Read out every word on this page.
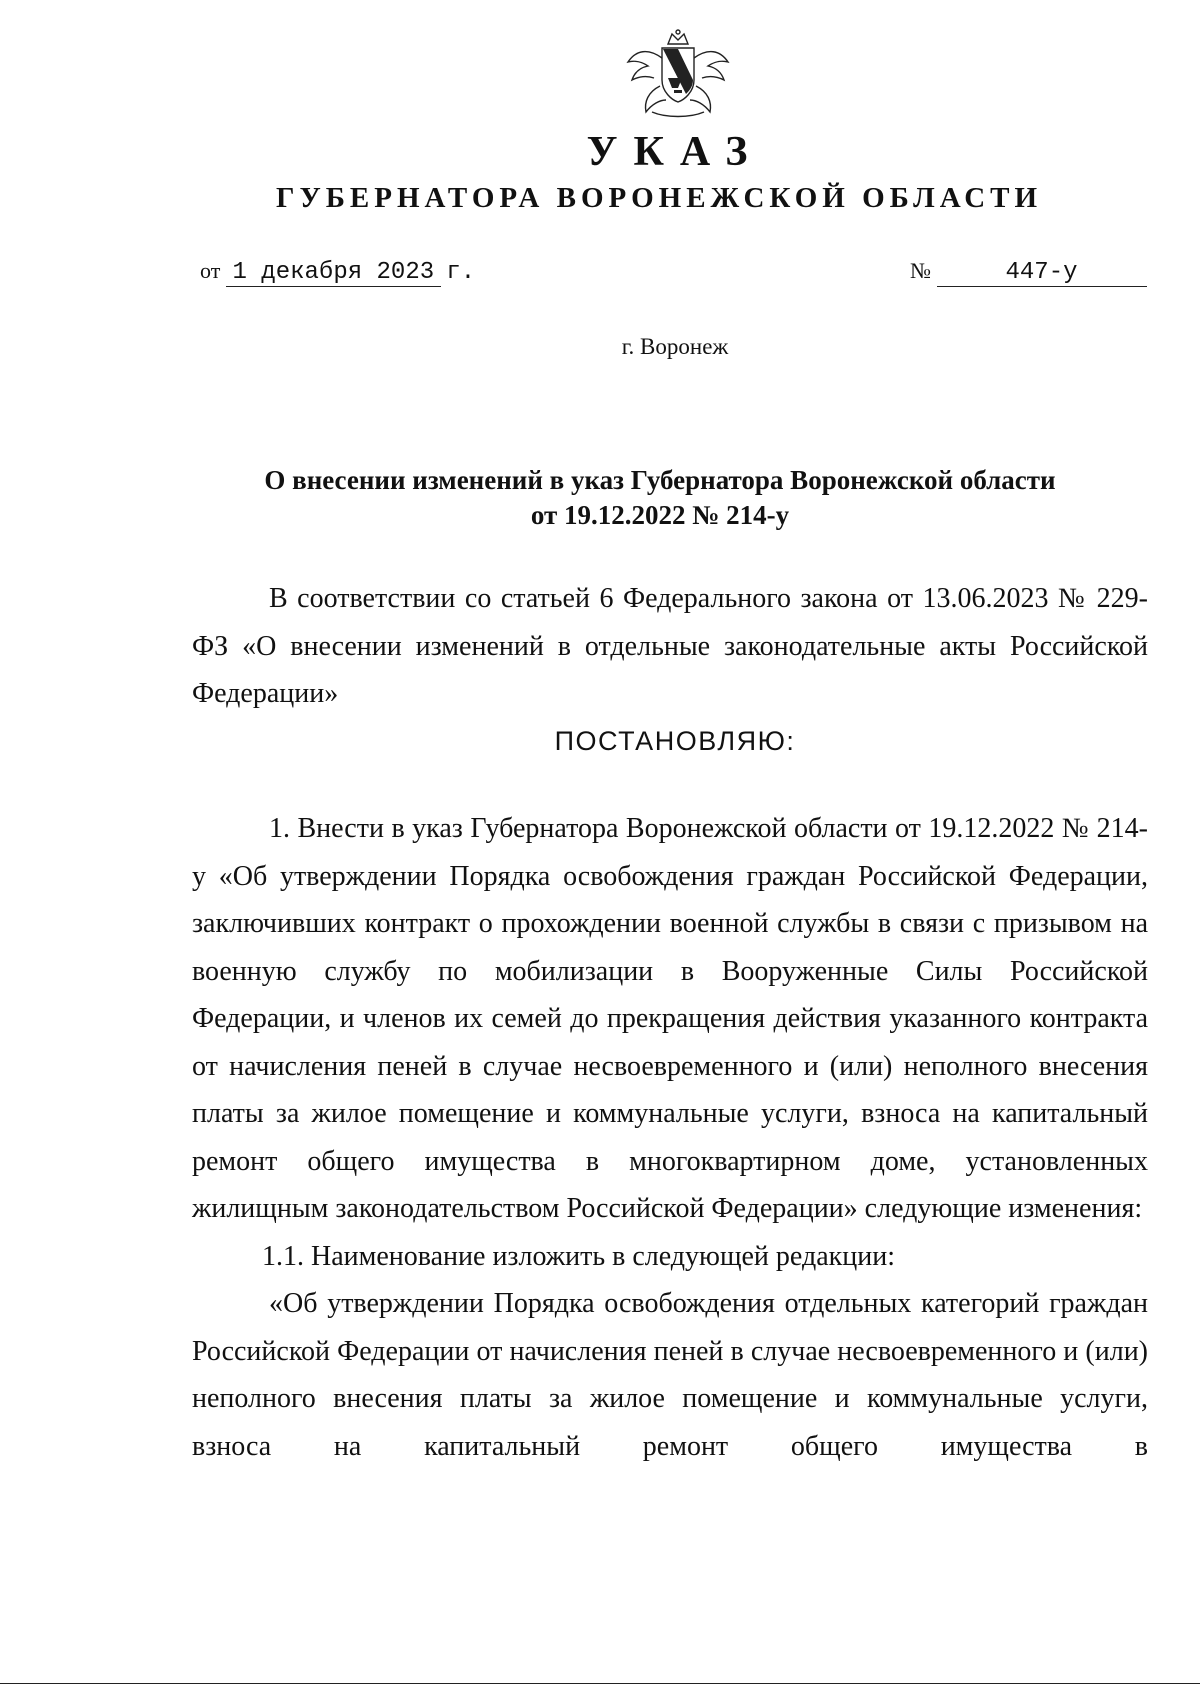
УКАЗ
ГУБЕРНАТОРА ВОРОНЕЖСКОЙ ОБЛАСТИ
от 1 декабря 2023 г.	№	447-у
г. Воронеж
О внесении изменений в указ Губернатора Воронежской области
от 19.12.2022 № 214-у

В соответствии со статьей 6 Федерального закона от 13.06.2023 № 229-ФЗ «О внесении изменений в отдельные законодательные акты Российской Федерации»

ПОСТАНОВЛЯЮ:

1. Внести в указ Губернатора Воронежской области от 19.12.2022 № 214-у «Об утверждении Порядка освобождения граждан Российской Федерации, заключивших контракт о прохождении военной службы в связи с призывом на военную службу по мобилизации в Вооруженные Силы Российской Федерации, и членов их семей до прекращения действия указанного контракта от начисления пеней в случае несвоевременного и (или) неполного внесения платы за жилое помещение и коммунальные услуги, взноса на капитальный ремонт общего имущества в многоквартирном доме, установленных жилищным законодательством Российской Федерации» следующие изменения:

1.1. Наименование изложить в следующей редакции:

«Об утверждении Порядка освобождения отдельных категорий граждан Российской Федерации от начисления пеней в случае несвоевременного и (или) неполного внесения платы за жилое помещение и коммунальные услуги, взноса на капитальный ремонт общего имущества в
